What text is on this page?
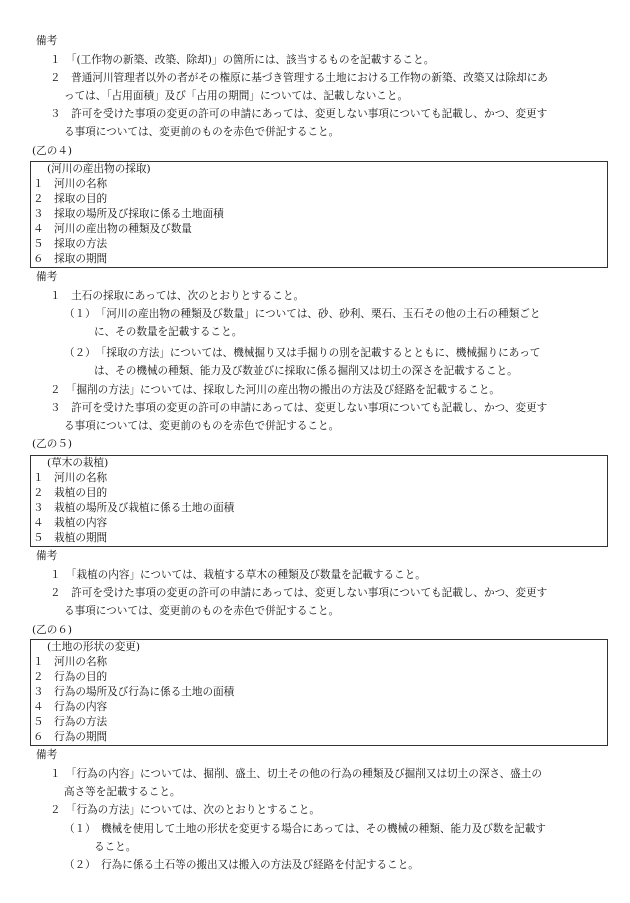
備考
１　「(工作物の新築、改築、除却)」の箇所には、該当するものを記載すること。
２　普通河川管理者以外の者がその権原に基づき管理する土地における工作物の新築、改築又は除却にあ
っては、「占用面積」及び「占用の期間」については、記載しないこと。
３　許可を受けた事項の変更の許可の申請にあっては、変更しない事項についても記載し、かつ、変更す
る事項については、変更前のものを赤色で併記すること。
(乙の４)
(河川の産出物の採取)
１　河川の名称
２　採取の目的
３　採取の場所及び採取に係る土地面積
４　河川の産出物の種類及び数量
５　採取の方法
６　採取の期間
備考
１　土石の採取にあっては、次のとおりとすること。
（１）　「河川の産出物の種類及び数量」については、砂、砂利、栗石、玉石その他の土石の種類ごと
に、その数量を記載すること。
（２）　「採取の方法」については、機械掘り又は手掘りの別を記載するとともに、機械掘りにあって
は、その機械の種類、能力及び数並びに採取に係る掘削又は切土の深さを記載すること。
２　「掘削の方法」については、採取した河川の産出物の搬出の方法及び経路を記載すること。
３　許可を受けた事項の変更の許可の申請にあっては、変更しない事項についても記載し、かつ、変更す
る事項については、変更前のものを赤色で併記すること。
(乙の５)
(草木の栽植)
１　河川の名称
２　栽植の目的
３　栽植の場所及び栽植に係る土地の面積
４　栽植の内容
５　栽植の期間
備考
１　「栽植の内容」については、栽植する草木の種類及び数量を記載すること。
２　許可を受けた事項の変更の許可の申請にあっては、変更しない事項についても記載し、かつ、変更す
る事項については、変更前のものを赤色で併記すること。
(乙の６)
(土地の形状の変更)
１　河川の名称
２　行為の目的
３　行為の場所及び行為に係る土地の面積
４　行為の内容
５　行為の方法
６　行為の期間
備考
１　「行為の内容」については、掘削、盛土、切土その他の行為の種類及び掘削又は切土の深さ、盛土の
高さ等を記載すること。
２　「行為の方法」については、次のとおりとすること。
（１）　機械を使用して土地の形状を変更する場合にあっては、その機械の種類、能力及び数を記載す
ること。
（２）　行為に係る土石等の搬出又は搬入の方法及び経路を付記すること。
